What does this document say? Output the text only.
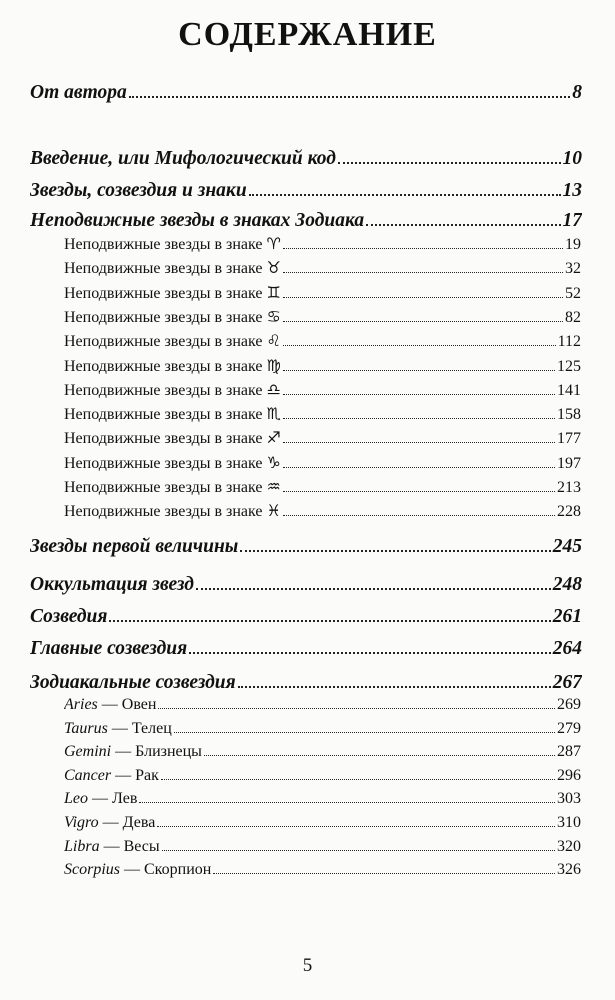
СОДЕРЖАНИЕ
От автора	8
Введение, или Мифологический код	10
Звезды, созвездия и знаки	13
Неподвижные звезды в знаках Зодиака	17
Звезды первой величины	245
Оккультация звезд	248
Созведия	261
Главные созвездия	264
Зодиакальные созвездия	267
Неподвижные звезды в знаке ♈	19
Неподвижные звезды в знаке ♉	32
Неподвижные звезды в знаке ♊	52
Неподвижные звезды в знаке ♋	82
Неподвижные звезды в знаке ♌	112
Неподвижные звезды в знаке ♍	125
Неподвижные звезды в знаке ♎	141
Неподвижные звезды в знаке ♏	158
Неподвижные звезды в знаке ♐	177
Неподвижные звезды в знаке ♑	197
Неподвижные звезды в знаке ♒	213
Неподвижные звезды в знаке ♓	228
Aries — Овен	269
Taurus — Телец	279
Gemini — Близнецы	287
Cancer — Рак	296
Leo — Лев	303
Vigro — Дева	310
Libra — Весы	320
Scorpius — Скорпион	326
5
